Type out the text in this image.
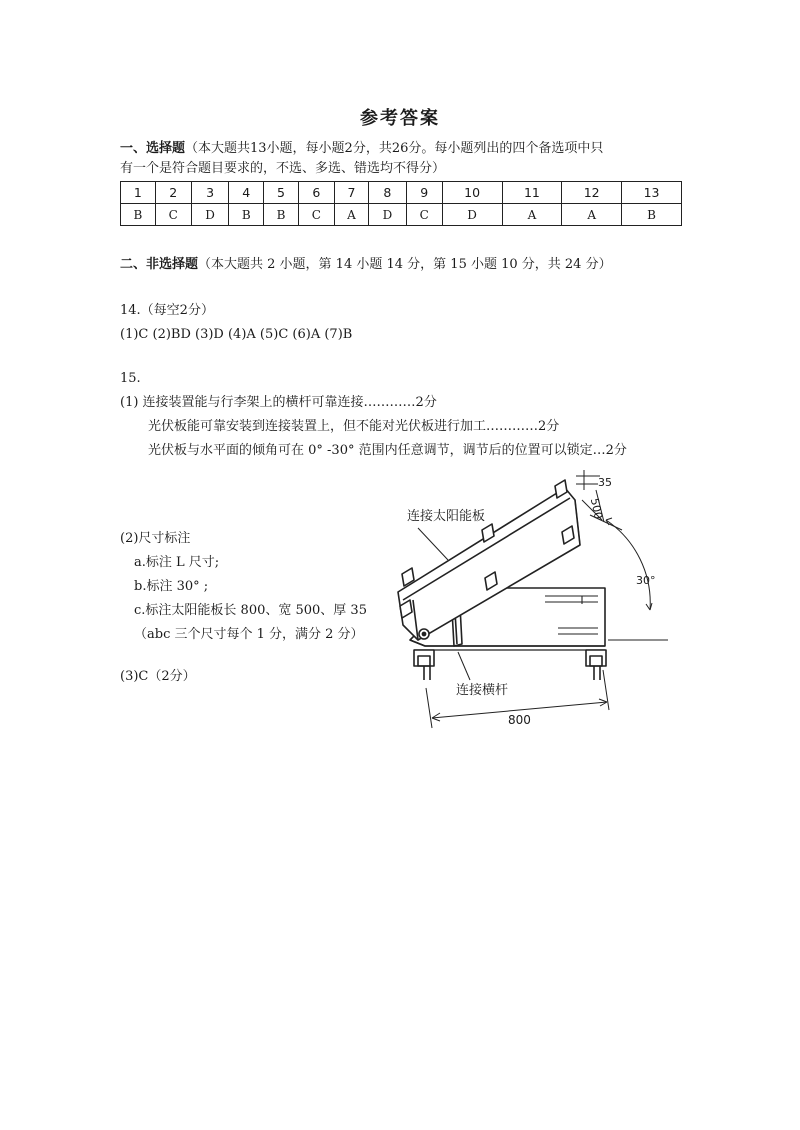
参考答案
一、选择题（本大题共13小题，每小题2分，共26分。每小题列出的四个备选项中只
有一个是符合题目要求的，不选、多选、错选均不得分）
1	2	3	4	5	6	7	8	9	10	11	12	13
B	C	D	B	B	C	A	D	C	D	A	A	B
二、非选择题（本大题共 2 小题，第 14 小题 14 分，第 15 小题 10 分，共 24 分）
14.（每空2分）
(1)C (2)BD (3)D (4)A (5)C (6)A (7)B
15.
(1) 连接装置能与行李架上的横杆可靠连接…………2分
光伏板能可靠安装到连接装置上，但不能对光伏板进行加工…………2分
光伏板与水平面的倾角可在 0° -30° 范围内任意调节，调节后的位置可以锁定…2分
(2)尺寸标注
a.标注 L 尺寸;
b.标注 30° ;
c.标注太阳能板长 800、宽 500、厚 35
（abc 三个尺寸每个 1 分，满分 2 分）
(3)C（2分）
连接太阳能板
连接横杆
800
35
500
30°
